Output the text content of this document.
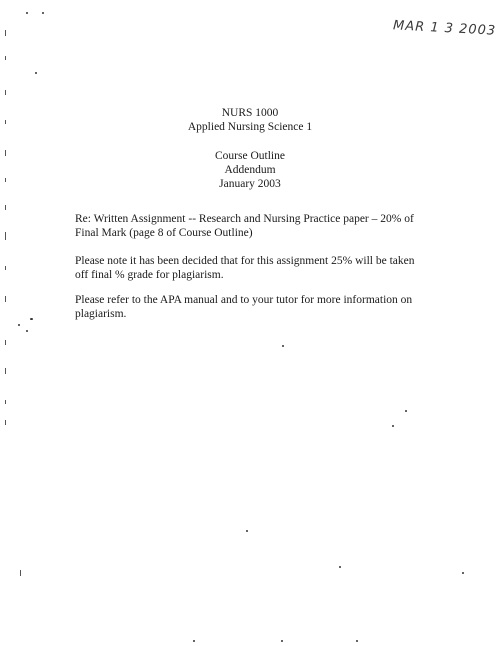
MAR 1 3 2003
NURS 1000
Applied Nursing Science 1
Course Outline
Addendum
January 2003
Re: Written Assignment -- Research and Nursing Practice paper – 20% of
Final Mark (page 8 of Course Outline)
Please note it has been decided that for this assignment 25% will be taken
off final % grade for plagiarism.
Please refer to the APA manual and to your tutor for more information on
plagiarism.
